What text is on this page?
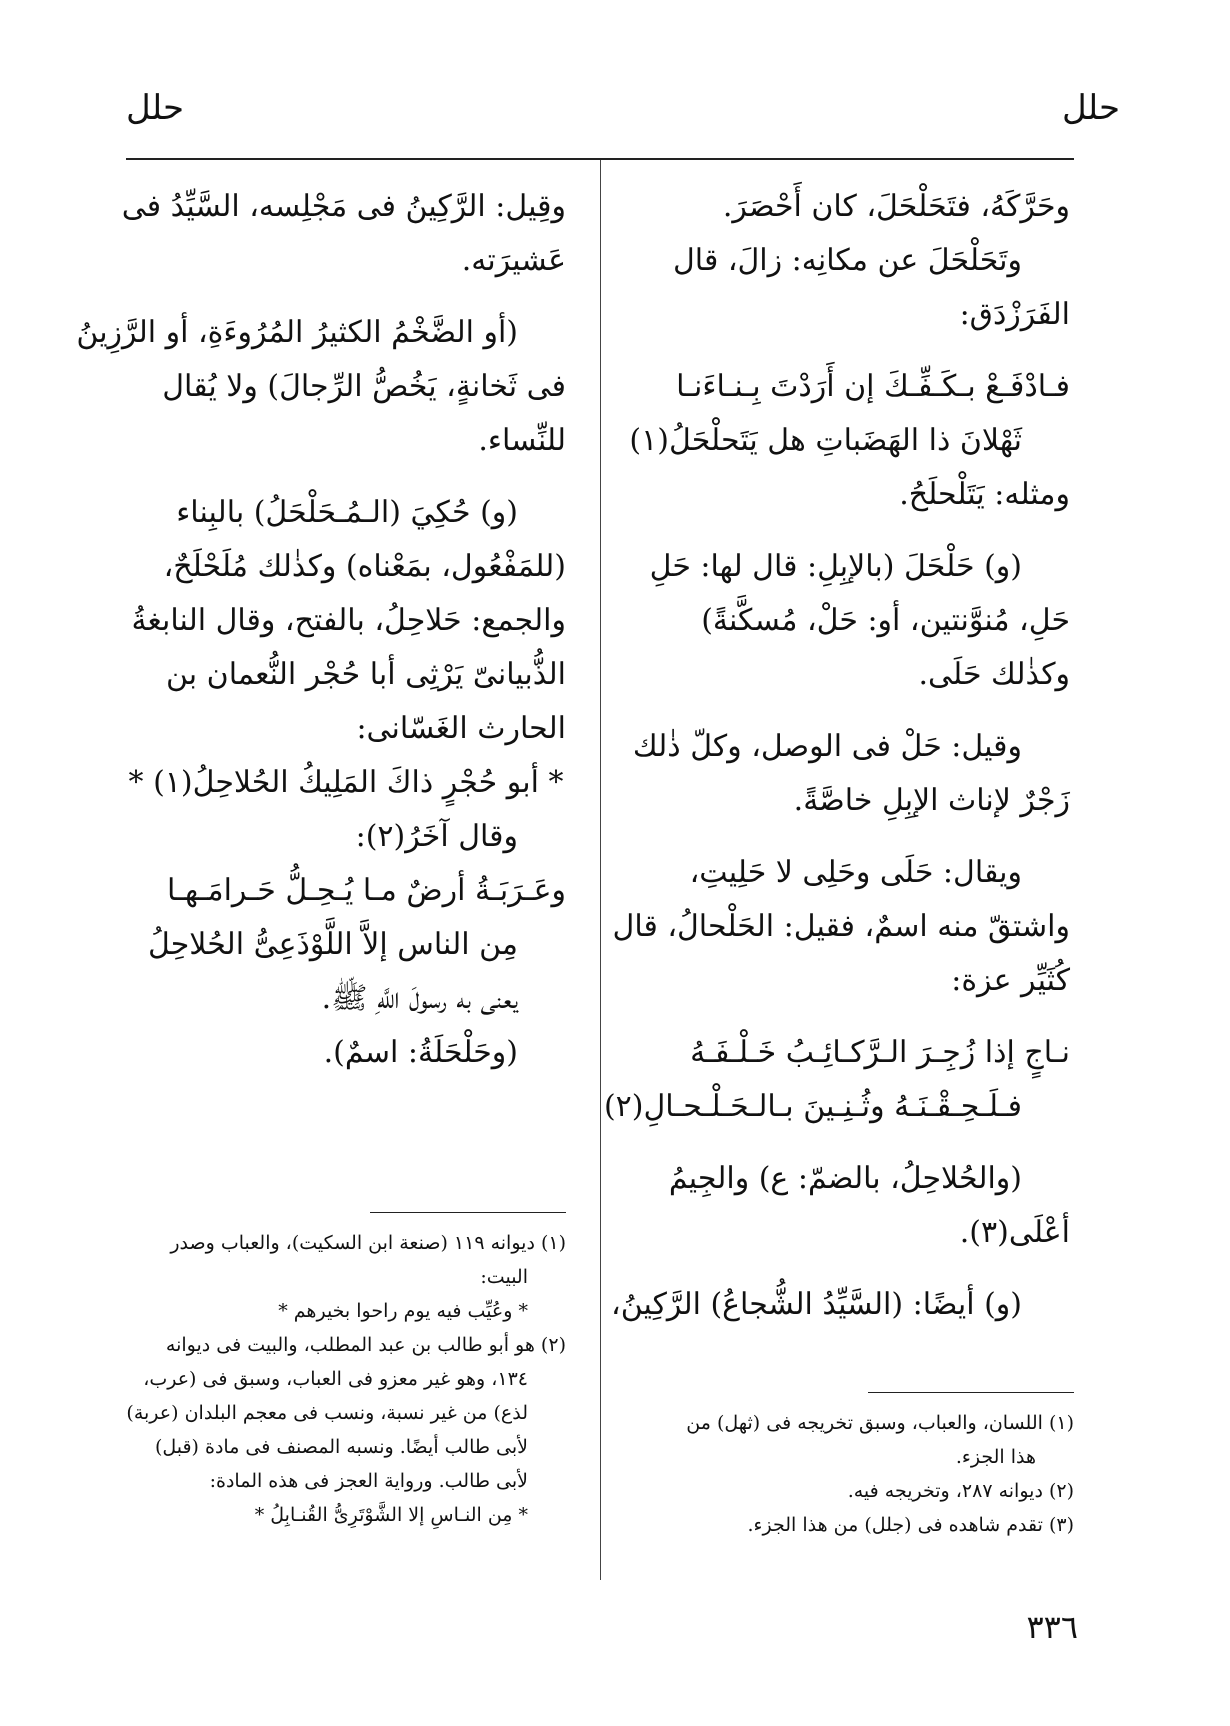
حلل
حلل
وحَرَّكَهُ، فتَحَلْحَلَ، كان أَحْصَرَ.
وتَحَلْحَلَ عن مكانِه: زالَ، قال
الفَرَزْدَق:
فـادْفَـعْ بـكَـفِّـكَ إن أَرَدْتَ بِـنـاءَنـا
ثَهْلانَ ذا الهَضَباتِ هل يَتَحلْحَلُ(١)
ومثله: يَتَلْحلَحُ.
(و) حَلْحَلَ (بالإبِلِ: قال لها: حَلِ
حَلِ، مُنوَّنتين، أو: حَلْ، مُسكَّنةً)
وكذٰلك حَلَى.
وقيل: حَلْ فى الوصل، وكلّ ذٰلك
زَجْرٌ لإناث الإبِلِ خاصَّةً.
ويقال: حَلَى وحَلِى لا حَلِيتِ،
واشتقّ منه اسمٌ، فقيل: الحَلْحالُ، قال
كُثَيِّر عزة:
نـاجٍ إذا زُجِـرَ الـرَّكـائِـبُ خَـلْـفَـهُ
فـلَـحِـقْـنَـهُ وثُـنِـينَ بـالـحَـلْـحـالِ(٢)
(والحُلاحِلُ، بالضمّ: ع) والجِيمُ
أعْلَى(٣).
(و) أيضًا: (السَّيِّدُ الشُّجاعُ) الرَّكِينُ،
وقِيل: الرَّكِينُ فى مَجْلِسه، السَّيِّدُ فى
عَشيرَته.
(أو الضَّخْمُ الكثيرُ المُرُوءَةِ، أو الرَّزِينُ
فى ثَخانةٍ، يَخُصُّ الرِّجالَ) ولا يُقال
للنِّساء.
(و) حُكِيَ (الـمُـحَلْحَلُ) بالبِناء
(للمَفْعُول، بمَعْناه) وكذٰلك مُلَحْلَحٌ،
والجمع: حَلاحِلُ، بالفتح، وقال النابغةُ
الذُّبيانىّ يَرْثِى أبا حُجْر النُّعمان بن
الحارث الغَسّانى:
* أبو حُجْرٍ ذاكَ المَلِيكُ الحُلاحِلُ(١) *
وقال آخَرُ(٢):
وعَـرَبَـةُ أرضٌ مـا يُـحِـلُّ حَـرامَـهـا
مِن الناس إلاَّ اللَّوْذَعِىُّ الحُلاحِلُ
يعنى به رسولَ اللَّهِ ﷺ.
(وحَلْحَلَةُ: اسمٌ).
(١) اللسان، والعباب، وسبق تخريجه فى (ثهل) من
هذا الجزء.
(٢) ديوانه ٢٨٧، وتخريجه فيه.
(٣) تقدم شاهده فى (جلل) من هذا الجزء.
(١) ديوانه ١١٩ (صنعة ابن السكيت)، والعباب وصدر
البيت:
* وعُيِّب فيه يوم راحوا بخيرهم *
(٢) هو أبو طالب بن عبد المطلب، والبيت فى ديوانه
١٣٤، وهو غير معزو فى العباب، وسبق فى (عرب،
لذع) من غير نسبة، ونسب فى معجم البلدان (عربة)
لأبى طالب أيضًا. ونسبه المصنف فى مادة (قبل)
لأبى طالب. ورواية العجز فى هذه المادة:
* مِن النـاسِ إلا الشَّوْتَرِىُّ القُنـابِلُ *
٣٣٦
